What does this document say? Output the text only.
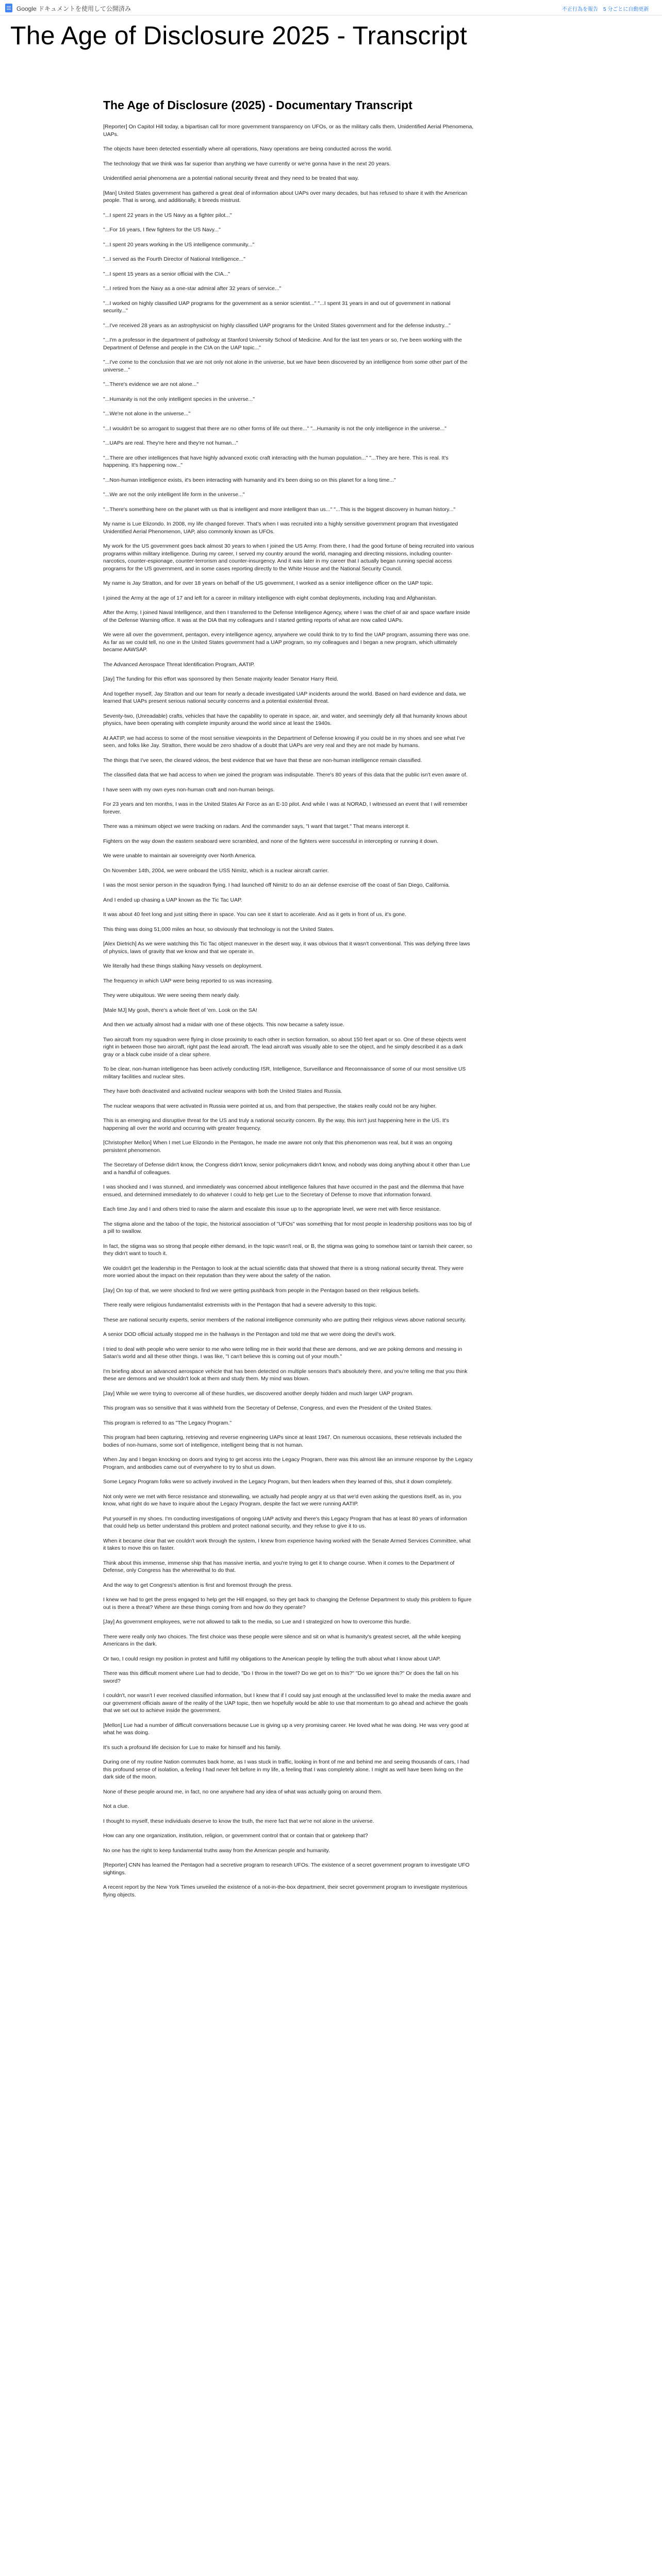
Google ドキュメントを使用して公開済み	不正行為を報告 5 分ごとに自動更新
The Age of Disclosure 2025 - Transcript
The Age of Disclosure (2025) - Documentary Transcript

[Reporter] On Capitol Hill today, a bipartisan call for more government transparency on UFOs, or as the military calls them, Unidentified Aerial Phenomena, UAPs.

The objects have been detected essentially where all operations, Navy operations are being conducted across the world.

The technology that we think was far superior than anything we have currently or we're gonna have in the next 20 years.

Unidentified aerial phenomena are a potential national security threat and they need to be treated that way.

[Man] United States government has gathered a great deal of information about UAPs over many decades, but has refused to share it with the American people. That is wrong, and additionally, it breeds mistrust.

"...I spent 22 years in the US Navy as a fighter pilot..."

"...For 16 years, I flew fighters for the US Navy..."

"...I spent 20 years working in the US intelligence community..."

"...I served as the Fourth Director of National Intelligence..."

"...I spent 15 years as a senior official with the CIA..."

"...I retired from the Navy as a one-star admiral after 32 years of service..."

"...I worked on highly classified UAP programs for the government as a senior scientist..." "...I spent 31 years in and out of government in national security..."

"...I've received 28 years as an astrophysicist on highly classified UAP programs for the United States government and for the defense industry..."

"...I'm a professor in the department of pathology at Stanford University School of Medicine. And for the last ten years or so, I've been working with the Department of Defense and people in the CIA on the UAP topic..."

"...I've come to the conclusion that we are not only not alone in the universe, but we have been discovered by an intelligence from some other part of the universe..."

"...There's evidence we are not alone..."

"...Humanity is not the only intelligent species in the universe..."

"...We're not alone in the universe..."

"...I wouldn't be so arrogant to suggest that there are no other forms of life out there..." "...Humanity is not the only intelligence in the universe..."

"...UAPs are real. They're here and they're not human..."

"...There are other intelligences that have highly advanced exotic craft interacting with the human population..." "...They are here. This is real. It's happening. It's happening now..."

"...Non-human intelligence exists, it's been interacting with humanity and it's been doing so on this planet for a long time..."

"...We are not the only intelligent life form in the universe..."

"...There's something here on the planet with us that is intelligent and more intelligent than us..." "...This is the biggest discovery in human history..."

My name is Lue Elizondo. In 2008, my life changed forever. That's when I was recruited into a highly sensitive government program that investigated Unidentified Aerial Phenomenon, UAP, also commonly known as UFOs.

My work for the US government goes back almost 30 years to when I joined the US Army. From there, I had the good fortune of being recruited into various programs within military intelligence. During my career, I served my country around the world, managing and directing missions, including counter-narcotics, counter-espionage, counter-terrorism and counter-insurgency. And it was later in my career that I actually began running special access programs for the US government, and in some cases reporting directly to the White House and the National Security Council.

My name is Jay Stratton, and for over 18 years on behalf of the US government, I worked as a senior intelligence officer on the UAP topic.

I joined the Army at the age of 17 and left for a career in military intelligence with eight combat deployments, including Iraq and Afghanistan.

After the Army, I joined Naval Intelligence, and then I transferred to the Defense Intelligence Agency, where I was the chief of air and space warfare inside of the Defense Warning office. It was at the DIA that my colleagues and I started getting reports of what are now called UAPs.

We were all over the government, pentagon, every intelligence agency, anywhere we could think to try to find the UAP program, assuming there was one. As far as we could tell, no one in the United States government had a UAP program, so my colleagues and I began a new program, which ultimately became AAWSAP.

The Advanced Aerospace Threat Identification Program, AATIP.

[Jay] The funding for this effort was sponsored by then Senate majority leader Senator Harry Reid.

And together myself, Jay Stratton and our team for nearly a decade investigated UAP incidents around the world. Based on hard evidence and data, we learned that UAPs present serious national security concerns and a potential existential threat.

Seventy-two, (Unreadable) crafts, vehicles that have the capability to operate in space, air, and water, and seemingly defy all that humanity knows about physics, have been operating with complete impunity around the world since at least the 1940s.

At AATIP, we had access to some of the most sensitive viewpoints in the Department of Defense knowing if you could be in my shoes and see what I've seen, and folks like Jay. Stratton, there would be zero shadow of a doubt that UAPs are very real and they are not made by humans.

The things that I've seen, the cleared videos, the best evidence that we have that these are non-human intelligence remain classified.

The classified data that we had access to when we joined the program was indisputable. There's 80 years of this data that the public isn't even aware of.

I have seen with my own eyes non-human craft and non-human beings.

For 23 years and ten months, I was in the United States Air Force as an E-10 pilot. And while I was at NORAD, I witnessed an event that I will remember forever.

There was a minimum object we were tracking on radars. And the commander says, "I want that target." That means intercept it.

Fighters on the way down the eastern seaboard were scrambled, and none of the fighters were successful in intercepting or running it down.

We were unable to maintain air sovereignty over North America.

On November 14th, 2004, we were onboard the USS Nimitz, which is a nuclear aircraft carrier.

I was the most senior person in the squadron flying. I had launched off Nimitz to do an air defense exercise off the coast of San Diego, California.

And I ended up chasing a UAP known as the Tic Tac UAP.

It was about 40 feet long and just sitting there in space. You can see it start to accelerate. And as it gets in front of us, it's gone.

This thing was doing 51,000 miles an hour, so obviously that technology is not the United States.

[Alex Dietrich] As we were watching this Tic Tac object maneuver in the desert way, it was obvious that it wasn't conventional. This was defying three laws of physics, laws of gravity that we know and that we operate in.

We literally had these things stalking Navy vessels on deployment.

The frequency in which UAP were being reported to us was increasing.

They were ubiquitous. We were seeing them nearly daily.

[Male MJ] My gosh, there's a whole fleet of 'em. Look on the SA!

And then we actually almost had a midair with one of these objects. This now became a safety issue.

Two aircraft from my squadron were flying in close proximity to each other in section formation, so about 150 feet apart or so. One of these objects went right in between those two aircraft, right past the lead aircraft. The lead aircraft was visually able to see the object, and he simply described it as a dark gray or a black cube inside of a clear sphere.

To be clear, non-human intelligence has been actively conducting ISR, Intelligence, Surveillance and Reconnaissance of some of our most sensitive US military facilities and nuclear sites.

They have both deactivated and activated nuclear weapons with both the United States and Russia.

The nuclear weapons that were activated in Russia were pointed at us, and from that perspective, the stakes really could not be any higher.

This is an emerging and disruptive threat for the US and truly a national security concern. By the way, this isn't just happening here in the US. It's happening all over the world and occurring with greater frequency.

[Christopher Mellon] When I met Lue Elizondo in the Pentagon, he made me aware not only that this phenomenon was real, but it was an ongoing persistent phenomenon.

The Secretary of Defense didn't know, the Congress didn't know, senior policymakers didn't know, and nobody was doing anything about it other than Lue and a handful of colleagues.

I was shocked and I was stunned, and immediately was concerned about intelligence failures that have occurred in the past and the dilemma that have ensued, and determined immediately to do whatever I could to help get Lue to the Secretary of Defense to move that information forward.

Each time Jay and I and others tried to raise the alarm and escalate this issue up to the appropriate level, we were met with fierce resistance.

The stigma alone and the taboo of the topic, the historical association of "UFOs" was something that for most people in leadership positions was too big of a pill to swallow.

In fact, the stigma was so strong that people either demand, in the topic wasn't real, or B, the stigma was going to somehow taint or tarnish their career, so they didn't want to touch it.

We couldn't get the leadership in the Pentagon to look at the actual scientific data that showed that there is a strong national security threat. They were more worried about the impact on their reputation than they were about the safety of the nation.

[Jay] On top of that, we were shocked to find we were getting pushback from people in the Pentagon based on their religious beliefs.

There really were religious fundamentalist extremists with in the Pentagon that had a severe adversity to this topic.

These are national security experts, senior members of the national intelligence community who are putting their religious views above national security.

A senior DOD official actually stopped me in the hallways in the Pentagon and told me that we were doing the devil's work.

I tried to deal with people who were senior to me who were telling me in their world that these are demons, and we are poking demons and messing in Satan's world and all these other things. I was like, "I can't believe this is coming out of your mouth."

I'm briefing about an advanced aerospace vehicle that has been detected on multiple sensors that's absolutely there, and you're telling me that you think these are demons and we shouldn't look at them and study them. My mind was blown.

[Jay] While we were trying to overcome all of these hurdles, we discovered another deeply hidden and much larger UAP program.

This program was so sensitive that it was withheld from the Secretary of Defense, Congress, and even the President of the United States.

This program is referred to as "The Legacy Program."

This program had been capturing, retrieving and reverse engineering UAPs since at least 1947. On numerous occasions, these retrievals included the bodies of non-humans, some sort of intelligence, intelligent being that is not human.

When Jay and I began knocking on doors and trying to get access into the Legacy Program, there was this almost like an immune response by the Legacy Program, and antibodies came out of everywhere to try to shut us down.

Some Legacy Program folks were so actively involved in the Legacy Program, but then leaders when they learned of this, shut it down completely.

Not only were we met with fierce resistance and stonewalling, we actually had people angry at us that we'd even asking the questions itself, as in, you know, what right do we have to inquire about the Legacy Program, despite the fact we were running AATIP.

Put yourself in my shoes. I'm conducting investigations of ongoing UAP activity and there's this Legacy Program that has at least 80 years of information that could help us better understand this problem and protect national security, and they refuse to give it to us.

When it became clear that we couldn't work through the system, I knew from experience having worked with the Senate Armed Services Committee, what it takes to move this on faster.

Think about this immense, immense ship that has massive inertia, and you're trying to get it to change course. When it comes to the Department of Defense, only Congress has the wherewithal to do that.

And the way to get Congress's attention is first and foremost through the press.

I knew we had to get the press engaged to help get the Hill engaged, so they get back to changing the Defense Department to study this problem to figure out is there a threat? Where are these things coming from and how do they operate?

[Jay] As government employees, we're not allowed to talk to the media, so Lue and I strategized on how to overcome this hurdle.

There were really only two choices. The first choice was these people were silence and sit on what is humanity's greatest secret, all the while keeping Americans in the dark.

Or two, I could resign my position in protest and fulfill my obligations to the American people by telling the truth about what I know about UAP.

There was this difficult moment where Lue had to decide, "Do I throw in the towel? Do we get on to this?" "Do we ignore this?" Or does the fall on his sword?

I couldn't, nor wasn't I ever received classified information, but I knew that if I could say just enough at the unclassified level to make the media aware and our government officials aware of the reality of the UAP topic, then we hopefully would be able to use that momentum to go ahead and achieve the goals that we set out to achieve inside the government.

[Mellon] Lue had a number of difficult conversations because Lue is giving up a very promising career. He loved what he was doing. He was very good at what he was doing.

It's such a profound life decision for Lue to make for himself and his family.

During one of my routine Nation commutes back home, as I was stuck in traffic, looking in front of me and behind me and seeing thousands of cars, I had this profound sense of isolation, a feeling I had never felt before in my life, a feeling that I was completely alone. I might as well have been living on the dark side of the moon.

None of these people around me, in fact, no one anywhere had any idea of what was actually going on around them.

Not a clue.

I thought to myself, these individuals deserve to know the truth, the mere fact that we're not alone in the universe.

How can any one organization, institution, religion, or government control that or contain that or gatekeep that?

No one has the right to keep fundamental truths away from the American people and humanity.

[Reporter] CNN has learned the Pentagon had a secretive program to research UFOs. The existence of a secret government program to investigate UFO sightings.

A recent report by the New York Times unveiled the existence of a not-in-the-box department, their secret government program to investigate mysterious flying objects.
